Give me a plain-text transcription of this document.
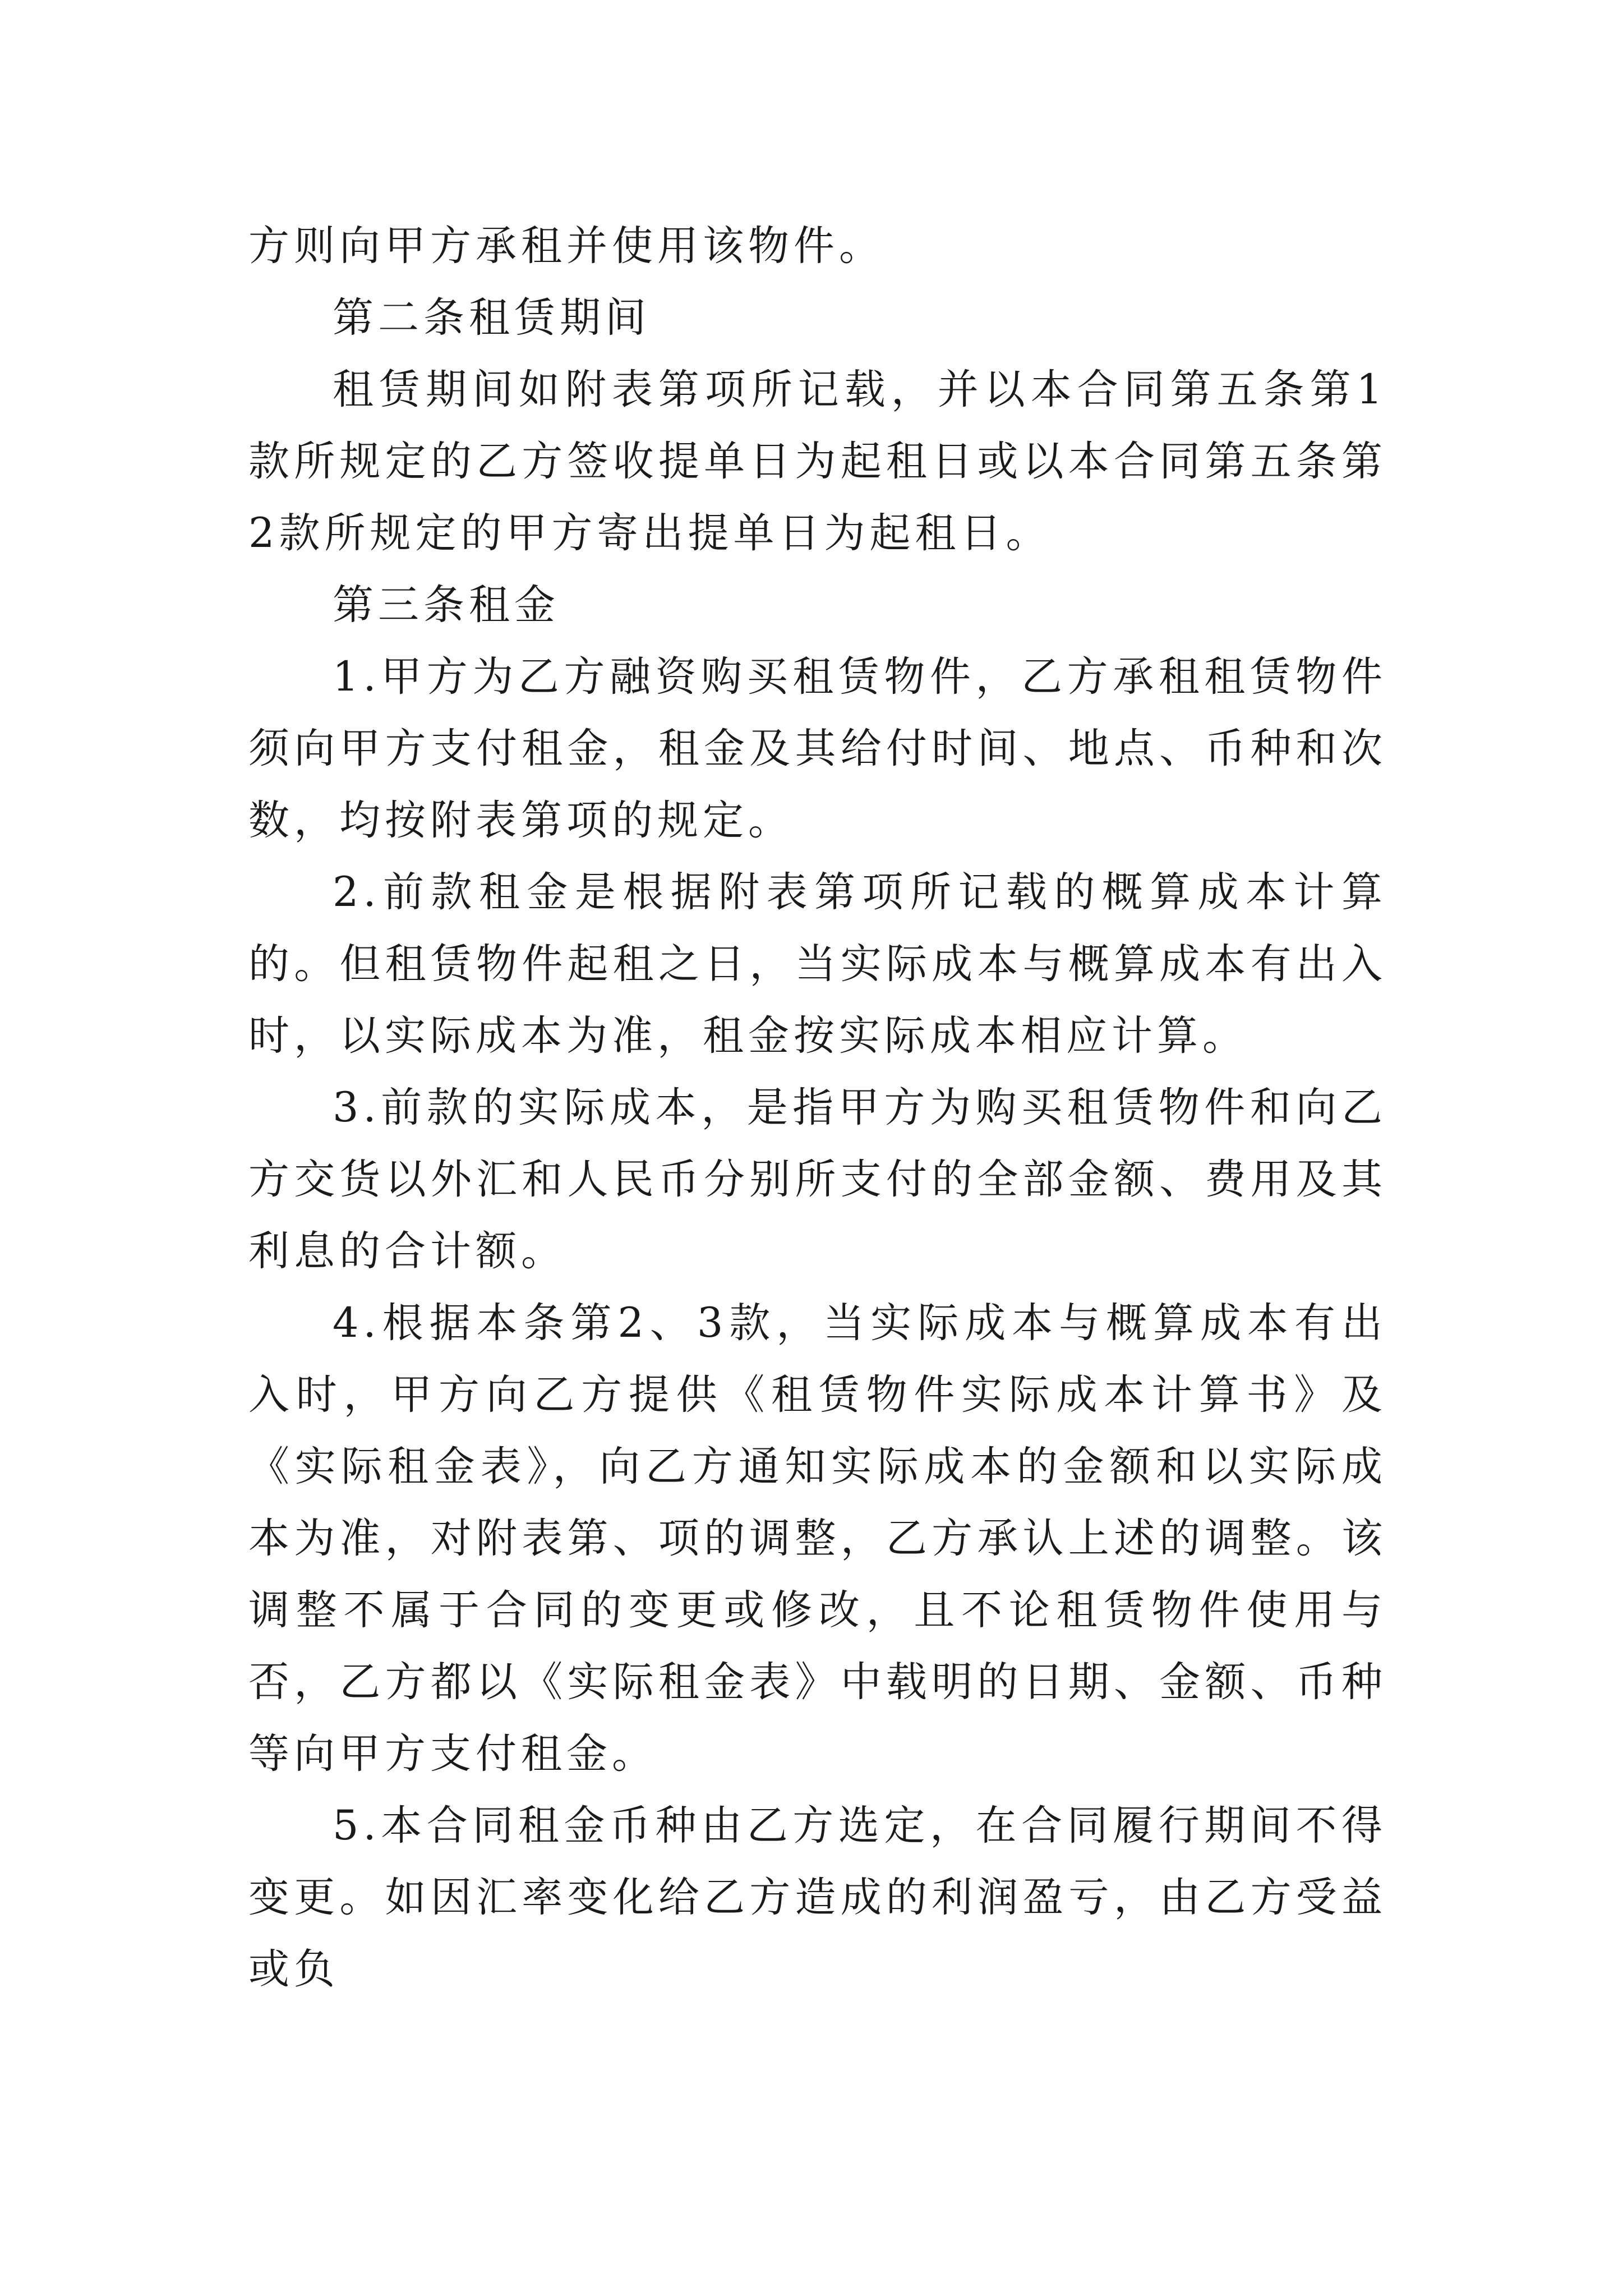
方则向甲方承租并使用该物件。

第二条租赁期间

租赁期间如附表第项所记载，并以本合同第五条第1款所规定的乙方签收提单日为起租日或以本合同第五条第2款所规定的甲方寄出提单日为起租日。

第三条租金

1.甲方为乙方融资购买租赁物件，乙方承租租赁物件须向甲方支付租金，租金及其给付时间、地点、币种和次数，均按附表第项的规定。

2.前款租金是根据附表第项所记载的概算成本计算的。但租赁物件起租之日，当实际成本与概算成本有出入时，以实际成本为准，租金按实际成本相应计算。

3.前款的实际成本，是指甲方为购买租赁物件和向乙方交货以外汇和人民币分别所支付的全部金额、费用及其利息的合计额。

4.根据本条第2、3款，当实际成本与概算成本有出入时，甲方向乙方提供《租赁物件实际成本计算书》及《实际租金表》，向乙方通知实际成本的金额和以实际成本为准，对附表第、项的调整，乙方承认上述的调整。该调整不属于合同的变更或修改，且不论租赁物件使用与否，乙方都以《实际租金表》中载明的日期、金额、币种等向甲方支付租金。

5.本合同租金币种由乙方选定，在合同履行期间不得变更。如因汇率变化给乙方造成的利润盈亏，由乙方受益或负
